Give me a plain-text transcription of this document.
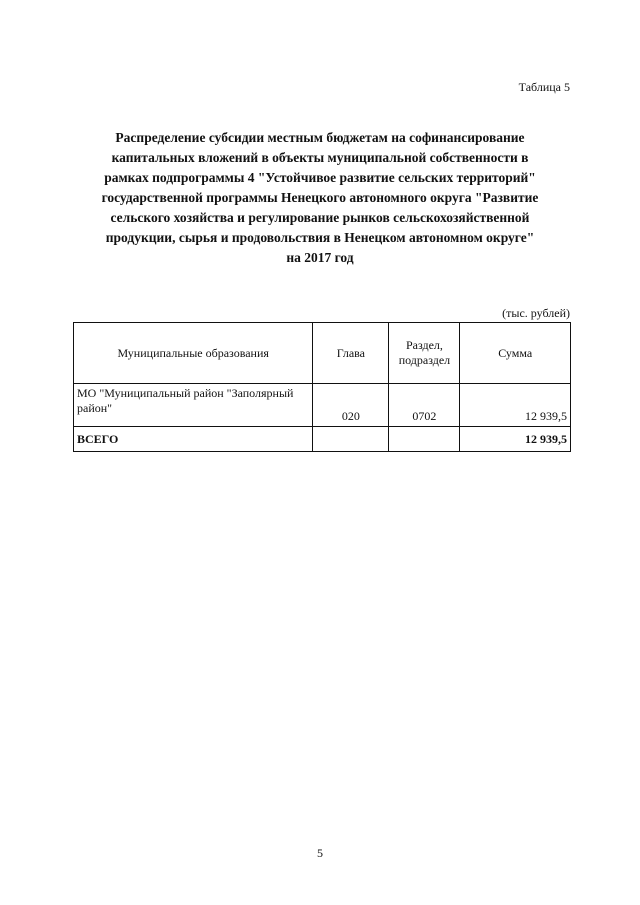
Таблица 5
Распределение субсидии местным бюджетам на софинансирование
капитальных вложений в объекты муниципальной собственности в
рамках подпрограммы 4 "Устойчивое развитие сельских территорий"
государственной программы Ненецкого автономного округа "Развитие
сельского хозяйства и регулирование рынков сельскохозяйственной
продукции, сырья и продовольствия в Ненецком автономном округе"
на 2017 год
(тыс. рублей)
Муниципальные образования	Глава	Раздел,
подраздел	Сумма
МО "Муниципальный район "Заполярный район"	020	0702	12 939,5
ВСЕГО			12 939,5
5
